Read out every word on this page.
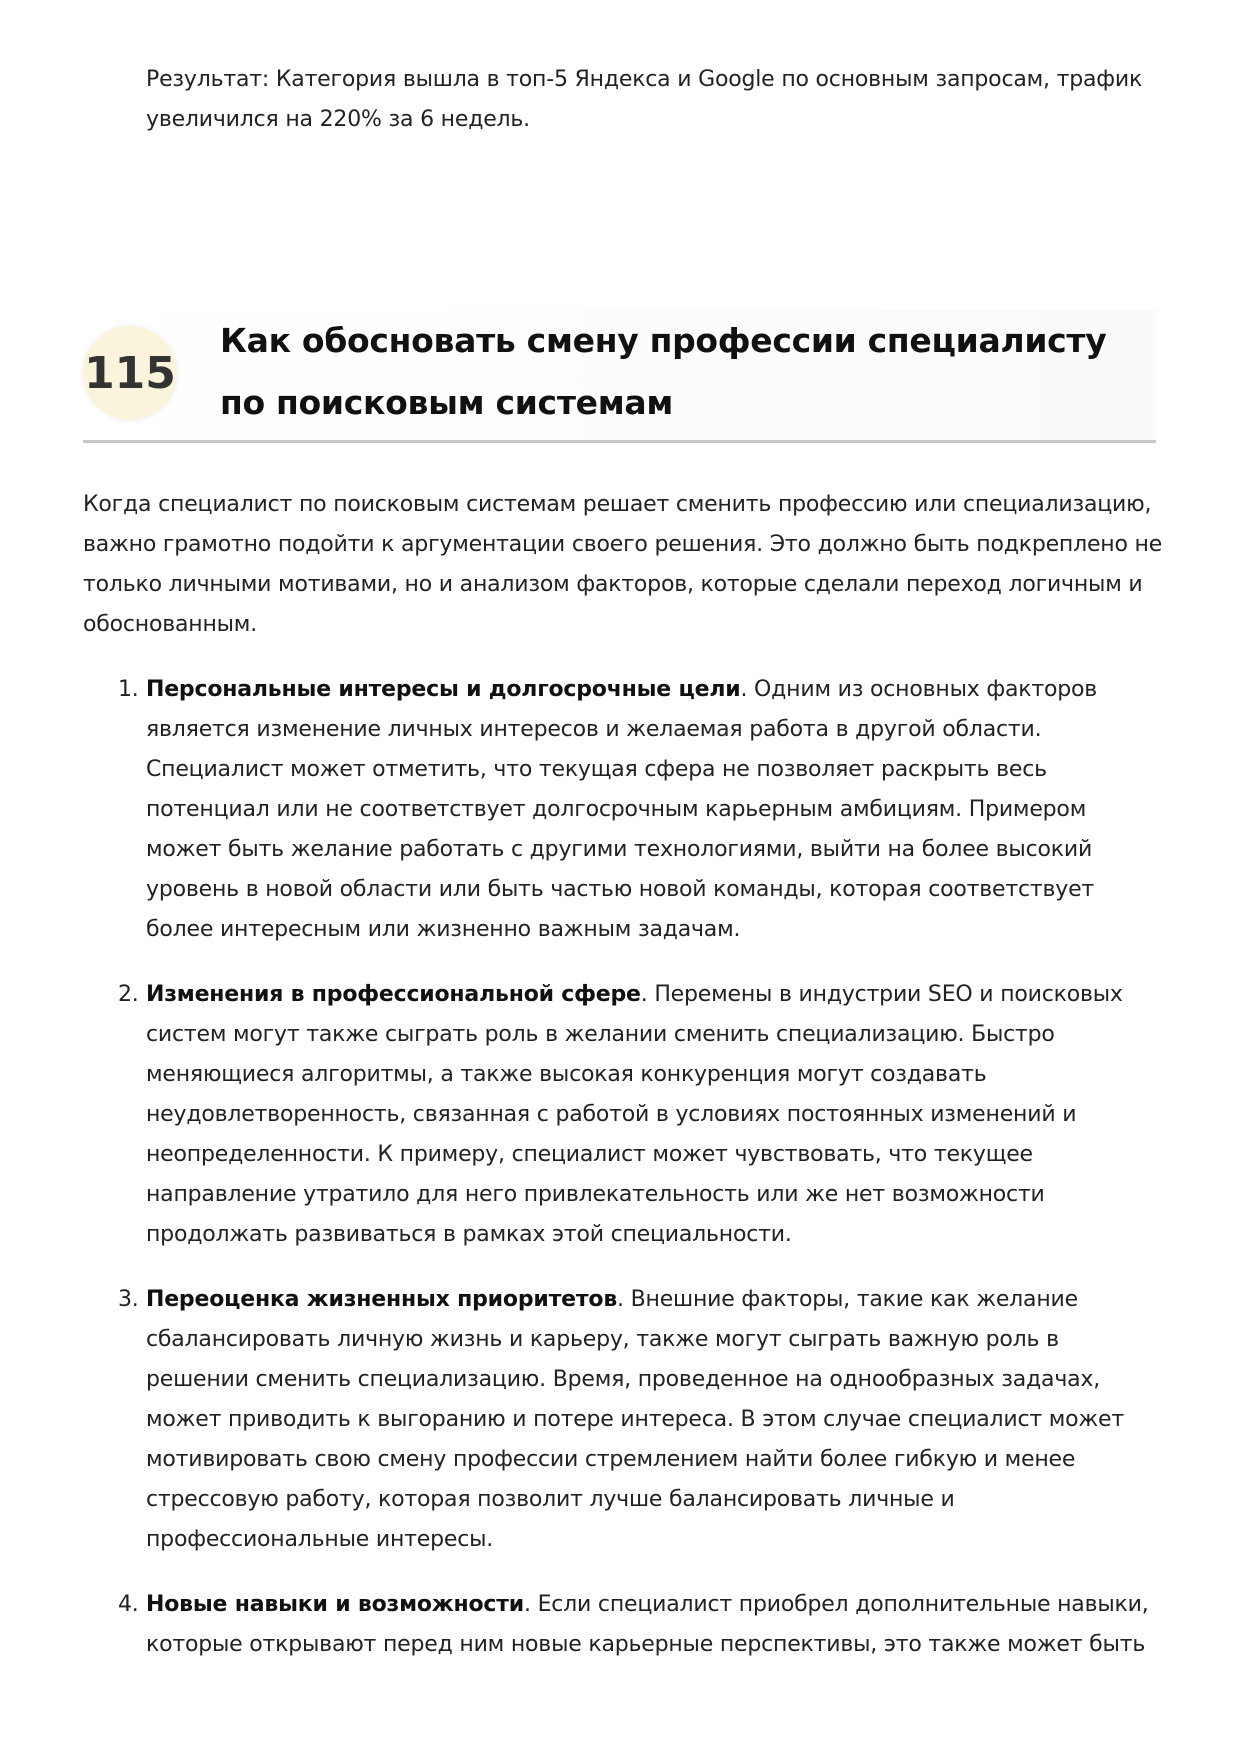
Результат: Категория вышла в топ-5 Яндекса и Google по основным запросам, трафик увеличился на 220% за 6 недель.

115
Как обосновать смену профессии специалисту по поисковым системам

Когда специалист по поисковым системам решает сменить профессию или специализацию, важно грамотно подойти к аргументации своего решения. Это должно быть подкреплено не только личными мотивами, но и анализом факторов, которые сделали переход логичным и обоснованным.

1. Персональные интересы и долгосрочные цели. Одним из основных факторов является изменение личных интересов и желаемая работа в другой области. Специалист может отметить, что текущая сфера не позволяет раскрыть весь потенциал или не соответствует долгосрочным карьерным амбициям. Примером может быть желание работать с другими технологиями, выйти на более высокий уровень в новой области или быть частью новой команды, которая соответствует более интересным или жизненно важным задачам.
2. Изменения в профессиональной сфере. Перемены в индустрии SEO и поисковых систем могут также сыграть роль в желании сменить специализацию. Быстро меняющиеся алгоритмы, а также высокая конкуренция могут создавать неудовлетворенность, связанная с работой в условиях постоянных изменений и неопределенности. К примеру, специалист может чувствовать, что текущее направление утратило для него привлекательность или же нет возможности продолжать развиваться в рамках этой специальности.
3. Переоценка жизненных приоритетов. Внешние факторы, такие как желание сбалансировать личную жизнь и карьеру, также могут сыграть важную роль в решении сменить специализацию. Время, проведенное на однообразных задачах, может приводить к выгоранию и потере интереса. В этом случае специалист может мотивировать свою смену профессии стремлением найти более гибкую и менее стрессовую работу, которая позволит лучше балансировать личные и профессиональные интересы.
4. Новые навыки и возможности. Если специалист приобрел дополнительные навыки, которые открывают перед ним новые карьерные перспективы, это также может быть
